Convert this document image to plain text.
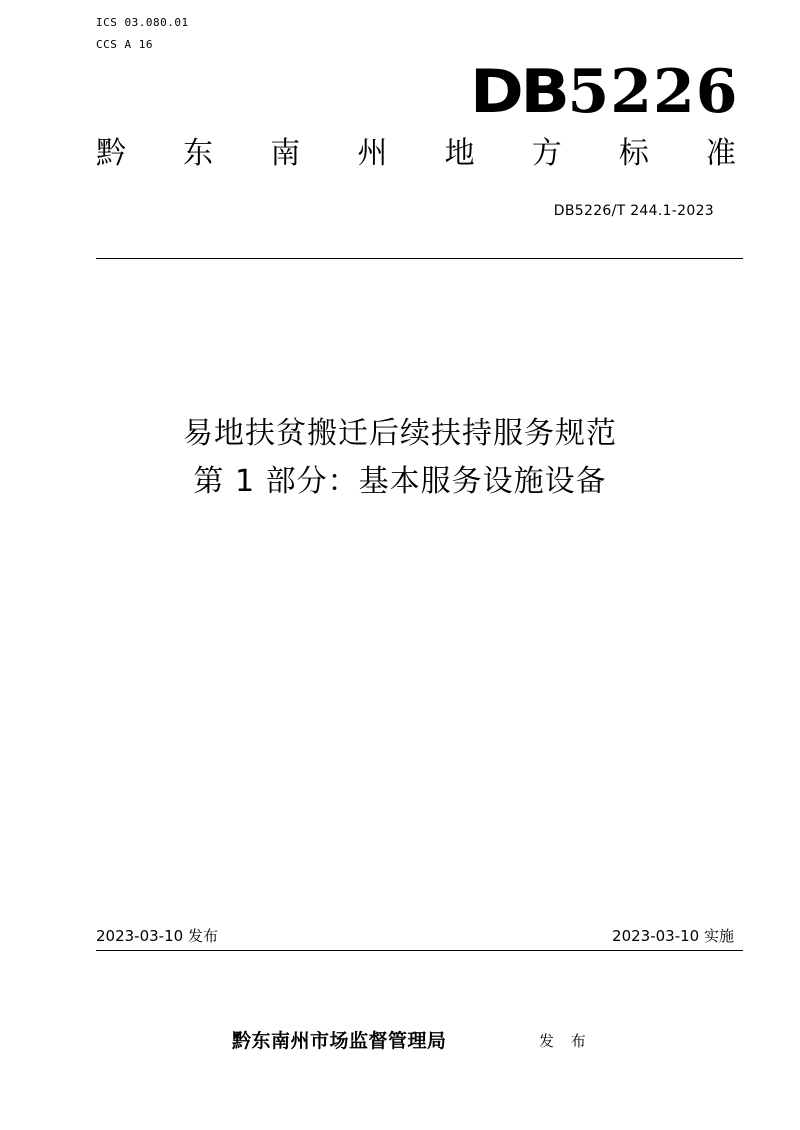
ICS 03.080.01
CCS A 16
DB5226
黔 东 南 州 地 方 标 准
DB5226/T 244.1-2023
易地扶贫搬迁后续扶持服务规范
第 1 部分：基本服务设施设备
2023-03-10 发布	2023-03-10 实施
黔东南州市场监督管理局	发 布
